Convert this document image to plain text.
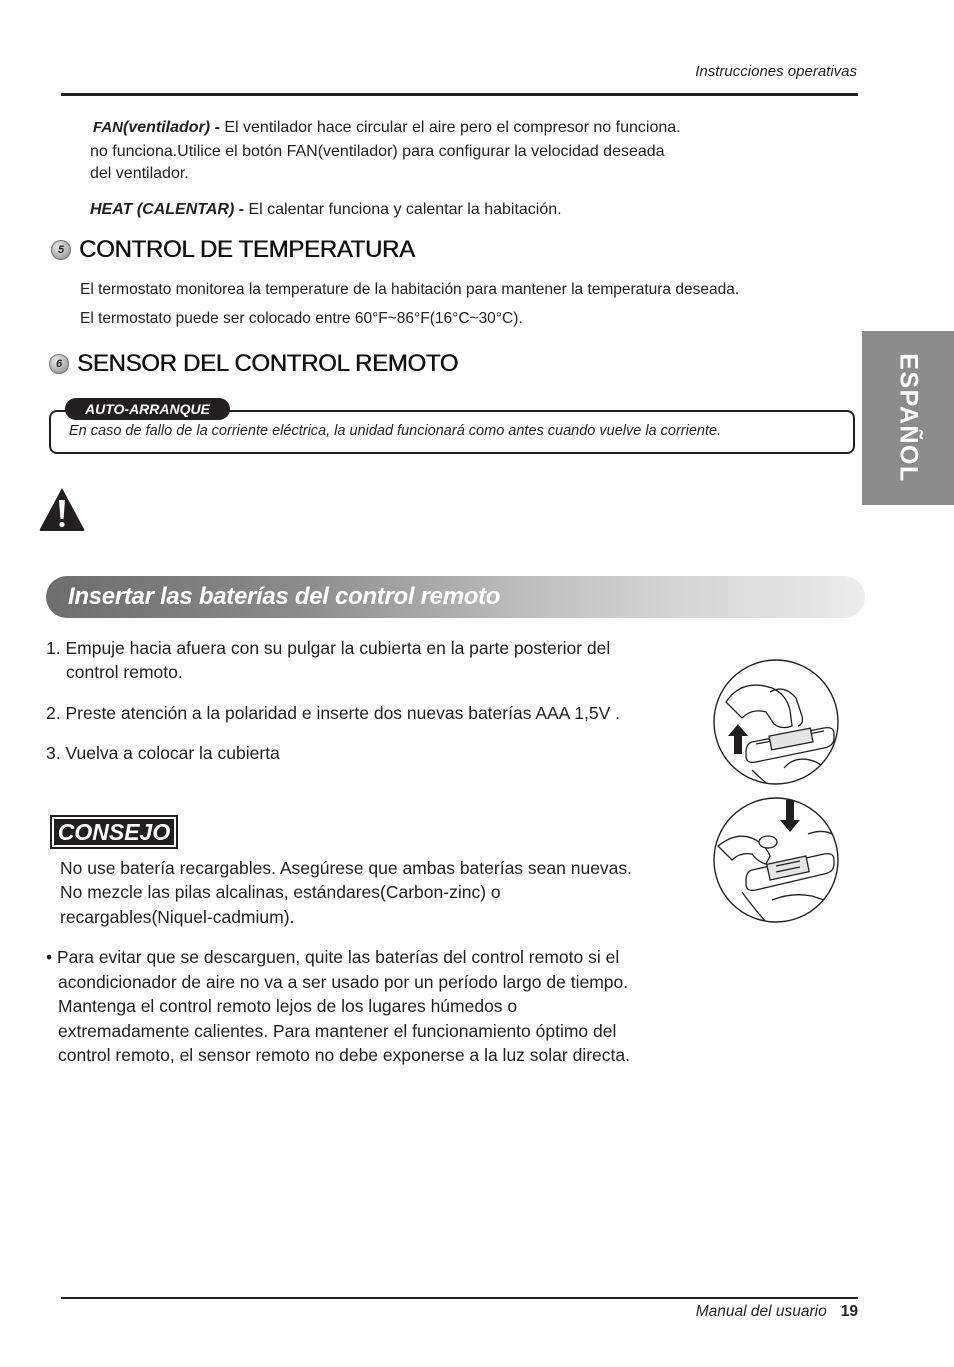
Instrucciones operativas
FAN(ventilador) - El ventilador hace circular el aire pero el compresor no funciona.
no funciona.Utilice el botón FAN(ventilador) para configurar la velocidad deseada
del ventilador.
HEAT (CALENTAR) - El calentar funciona y calentar la habitación.
5 CONTROL DE TEMPERATURA
El termostato monitorea la temperature de la habitación para mantener la temperatura deseada.
El termostato puede ser colocado entre 60°F~86°F(16°C~30°C).
6 SENSOR DEL CONTROL REMOTO
AUTO-ARRANQUE
En caso de fallo de la corriente eléctrica, la unidad funcionará como antes cuando vuelve la corriente.	ESPAÑOL
Insertar las baterías del control remoto
1. Empuje hacia afuera con su pulgar la cubierta en la parte posterior del
control remoto.
2. Preste atención a la polaridad e inserte dos nuevas baterías AAA 1,5V .
3. Vuelva a colocar la cubierta
CONSEJO
No use batería recargables. Asegúrese que ambas baterías sean nuevas.
No mezcle las pilas alcalinas, estándares(Carbon-zinc) o
recargables(Niquel-cadmium).
• Para evitar que se descarguen, quite las baterías del control remoto si el
acondicionador de aire no va a ser usado por un período largo de tiempo.
Mantenga el control remoto lejos de los lugares húmedos o
extremadamente calientes. Para mantener el funcionamiento óptimo del
control remoto, el sensor remoto no debe exponerse a la luz solar directa.
Manual del usuario 19
